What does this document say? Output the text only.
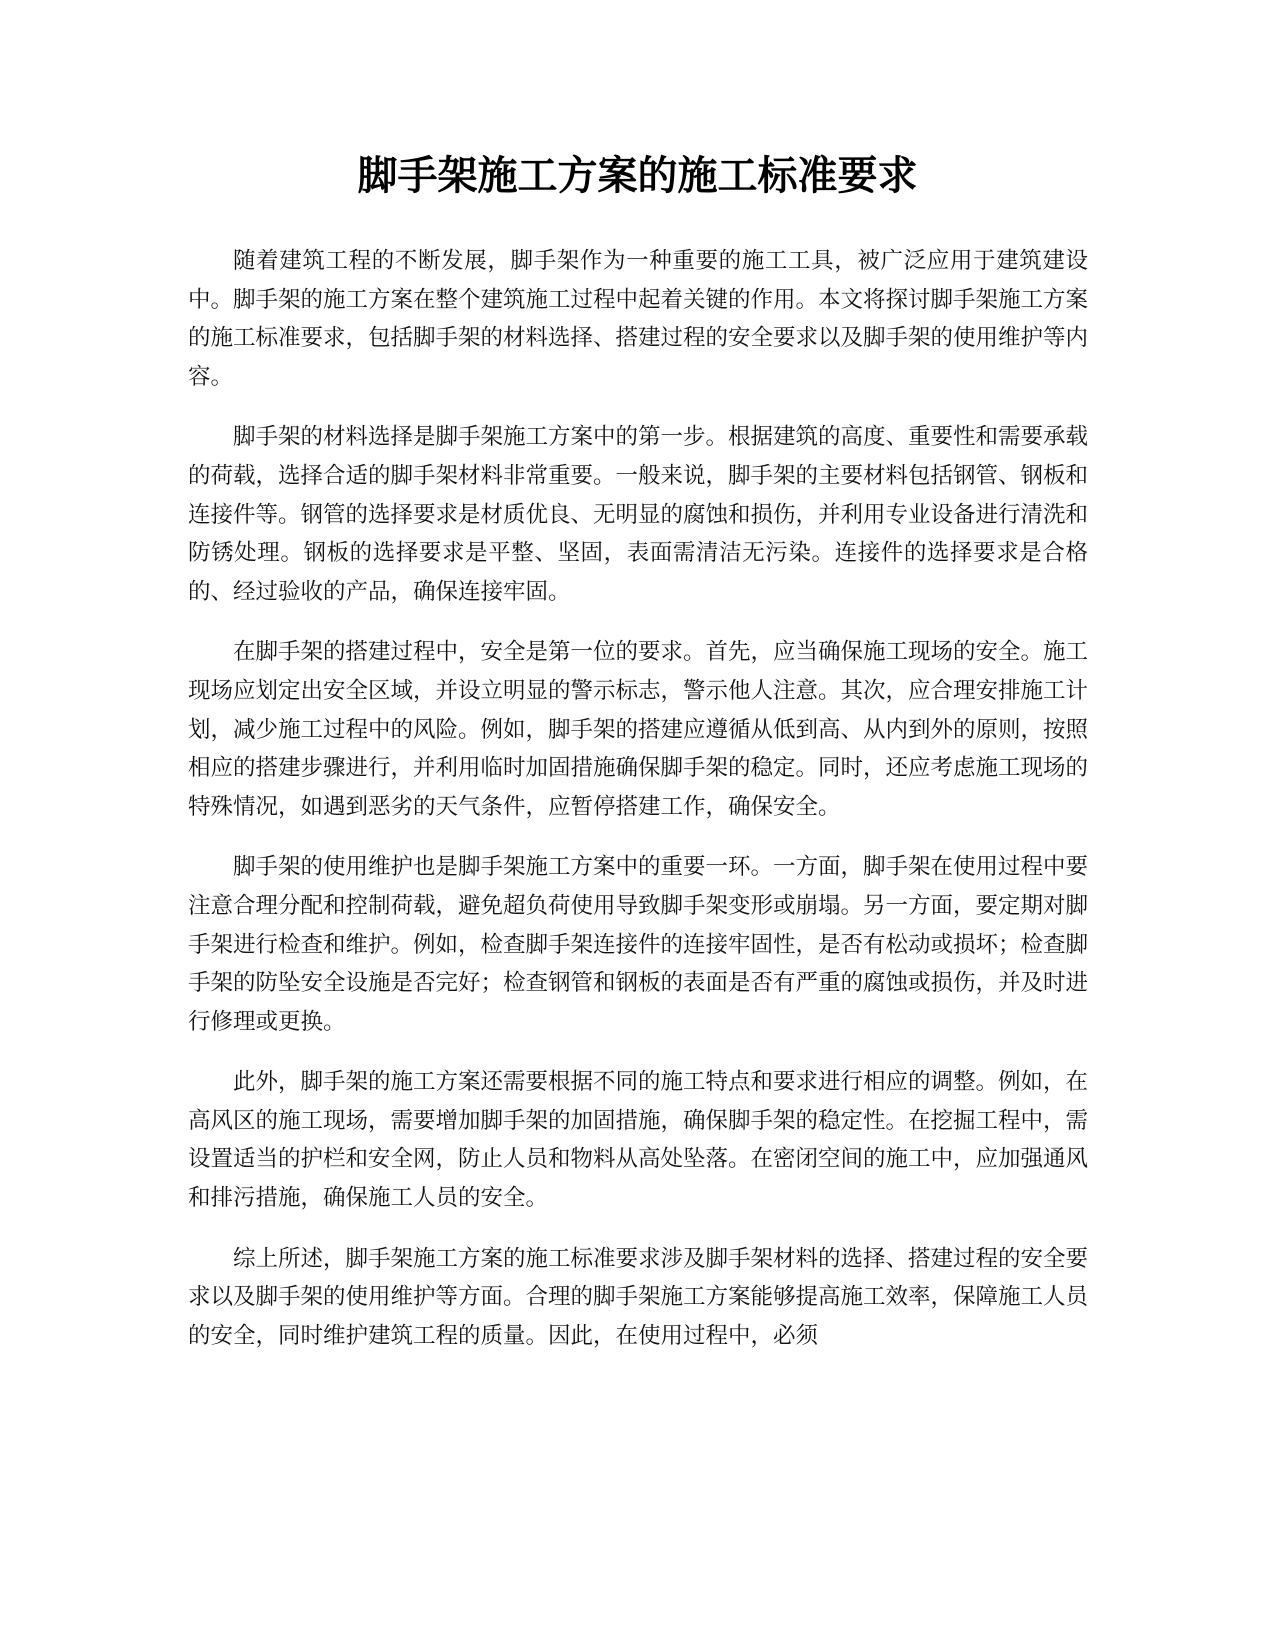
脚手架施工方案的施工标准要求

随着建筑工程的不断发展，脚手架作为一种重要的施工工具，被广泛应用于建筑建设中。脚手架的施工方案在整个建筑施工过程中起着关键的作用。本文将探讨脚手架施工方案的施工标准要求，包括脚手架的材料选择、搭建过程的安全要求以及脚手架的使用维护等内容。

脚手架的材料选择是脚手架施工方案中的第一步。根据建筑的高度、重要性和需要承载的荷载，选择合适的脚手架材料非常重要。一般来说，脚手架的主要材料包括钢管、钢板和连接件等。钢管的选择要求是材质优良、无明显的腐蚀和损伤，并利用专业设备进行清洗和防锈处理。钢板的选择要求是平整、坚固，表面需清洁无污染。连接件的选择要求是合格的、经过验收的产品，确保连接牢固。

在脚手架的搭建过程中，安全是第一位的要求。首先，应当确保施工现场的安全。施工现场应划定出安全区域，并设立明显的警示标志，警示他人注意。其次，应合理安排施工计划，减少施工过程中的风险。例如，脚手架的搭建应遵循从低到高、从内到外的原则，按照相应的搭建步骤进行，并利用临时加固措施确保脚手架的稳定。同时，还应考虑施工现场的特殊情况，如遇到恶劣的天气条件，应暂停搭建工作，确保安全。

脚手架的使用维护也是脚手架施工方案中的重要一环。一方面，脚手架在使用过程中要注意合理分配和控制荷载，避免超负荷使用导致脚手架变形或崩塌。另一方面，要定期对脚手架进行检查和维护。例如，检查脚手架连接件的连接牢固性，是否有松动或损坏；检查脚手架的防坠安全设施是否完好；检查钢管和钢板的表面是否有严重的腐蚀或损伤，并及时进行修理或更换。

此外，脚手架的施工方案还需要根据不同的施工特点和要求进行相应的调整。例如，在高风区的施工现场，需要增加脚手架的加固措施，确保脚手架的稳定性。在挖掘工程中，需设置适当的护栏和安全网，防止人员和物料从高处坠落。在密闭空间的施工中，应加强通风和排污措施，确保施工人员的安全。

综上所述，脚手架施工方案的施工标准要求涉及脚手架材料的选择、搭建过程的安全要求以及脚手架的使用维护等方面。合理的脚手架施工方案能够提高施工效率，保障施工人员的安全，同时维护建筑工程的质量。因此，在使用过程中，必须
